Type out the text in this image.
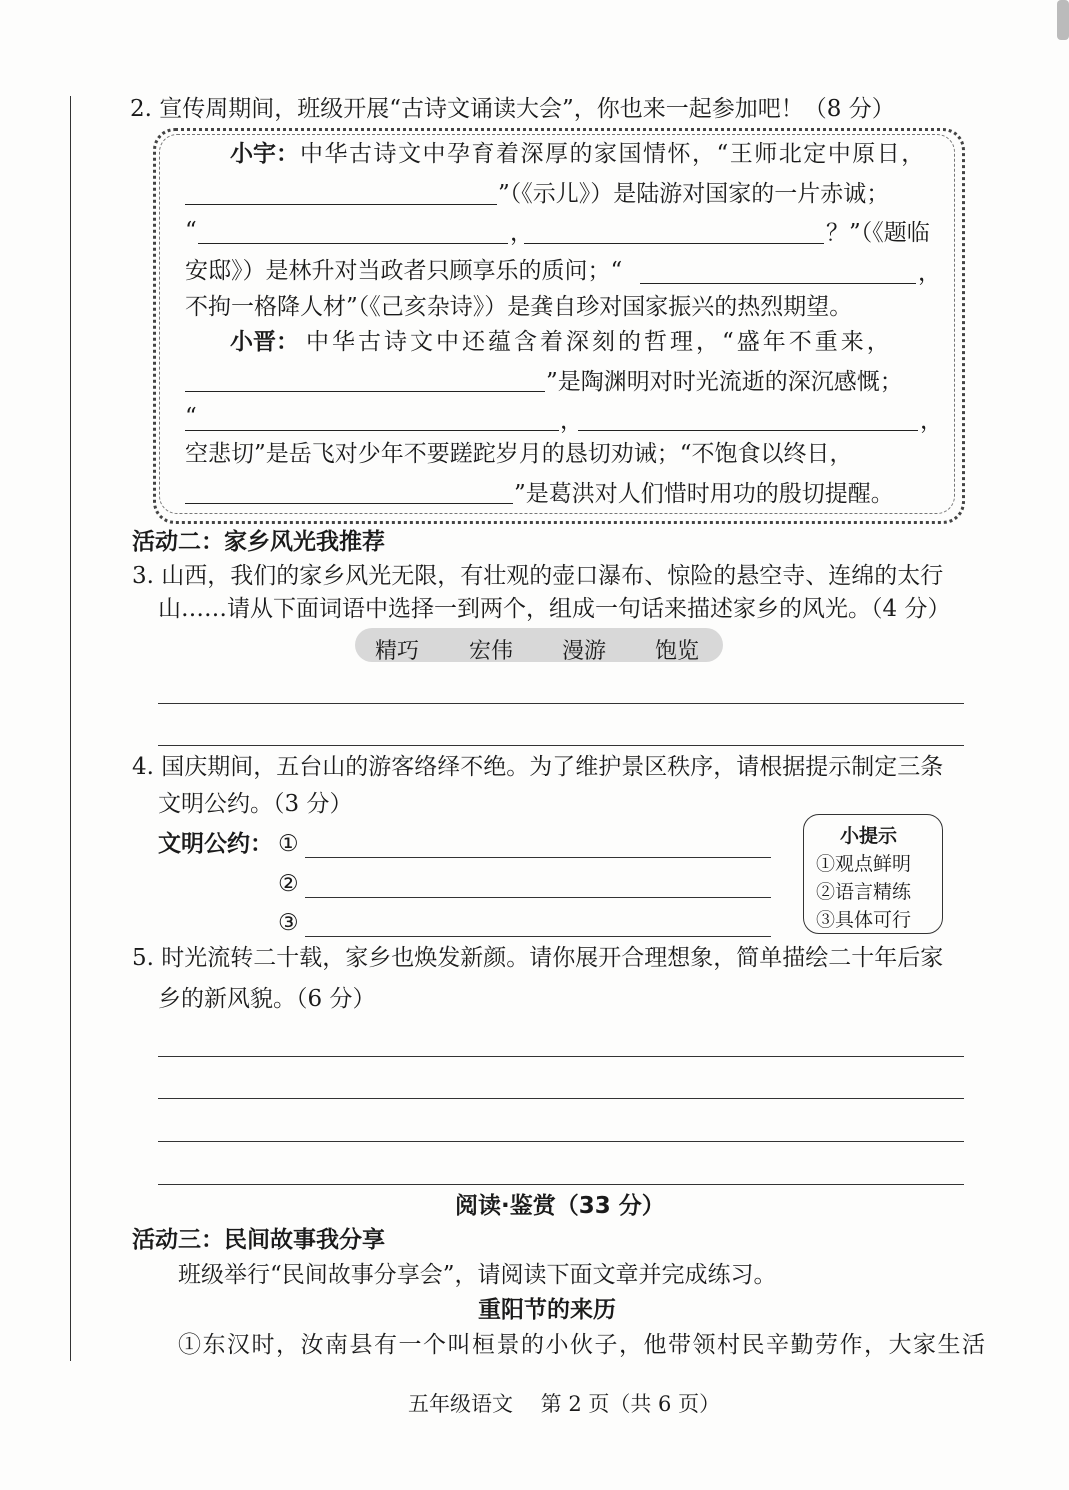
2. 宣传周期间，班级开展“古诗文诵读大会”，你也来一起参加吧！（8 分）
小宇： 中华古诗文中孕育着深厚的家国情怀，“王师北定中原日，
”（《示儿》）是陆游对国家的一片赤诚；
“	，	？”（《题临
安邸》）是林升对当政者只顾享乐的质问；“	，
不拘一格降人材”（《己亥杂诗》）是龚自珍对国家振兴的热烈期望。
小晋： 中华古诗文中还蕴含着深刻的哲理，“盛年不重来，
”是陶渊明对时光流逝的深沉感慨；
“	，	，
空悲切”是岳飞对少年不要蹉跎岁月的恳切劝诫；“不饱食以终日，
”是葛洪对人们惜时用功的殷切提醒。
活动二：家乡风光我推荐
3. 山西，我们的家乡风光无限，有壮观的壶口瀑布、惊险的悬空寺、连绵的太行
山……请从下面词语中选择一到两个，组成一句话来描述家乡的风光。（4 分）
精巧 宏伟 漫游 饱览
4. 国庆期间，五台山的游客络绎不绝。为了维护景区秩序，请根据提示制定三条
文明公约。（3 分）
文明公约： ①
②
③
小提示
①观点鲜明
②语言精练
③具体可行
5. 时光流转二十载，家乡也焕发新颜。请你展开合理想象，简单描绘二十年后家
乡的新风貌。（6 分）
阅读·鉴赏（33 分）
活动三：民间故事我分享
班级举行“民间故事分享会”，请阅读下面文章并完成练习。
重阳节的来历
①东汉时，汝南县有一个叫桓景的小伙子，他带领村民辛勤劳作，大家生活
五年级语文　 第 2 页（共 6 页）
